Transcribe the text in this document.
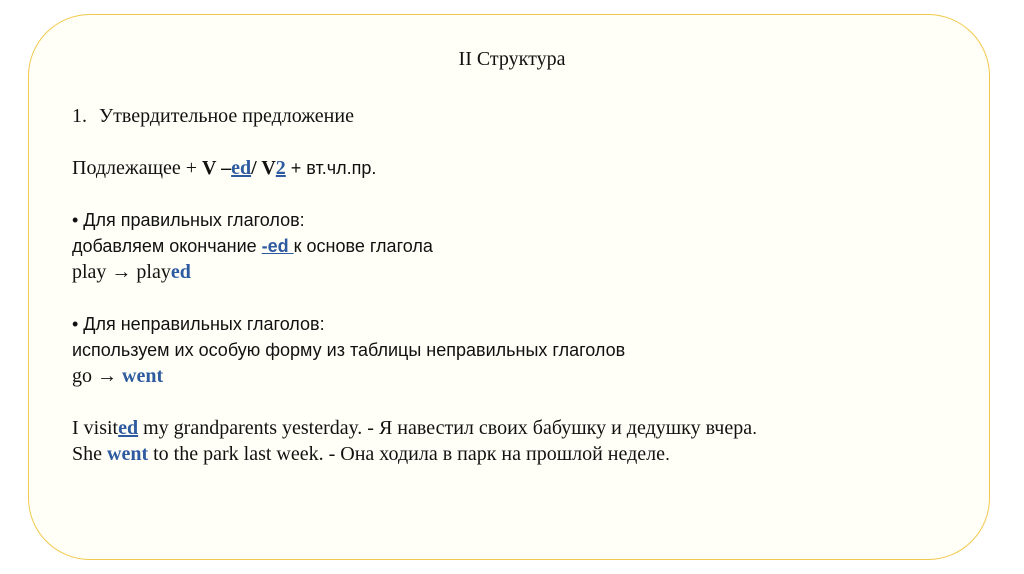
II Структура
1. Утвердительное предложение
Подлежащее + V –ed/ V2 + вт.чл.пр.
• Для правильных глаголов:
добавляем окончание -ed к основе глагола
play → played
• Для неправильных глаголов:
используем их особую форму из таблицы неправильных глаголов
go → went
I visited my grandparents yesterday. - Я навестил своих бабушку и дедушку вчера.
She went to the park last week. - Она ходила в парк на прошлой неделе.
